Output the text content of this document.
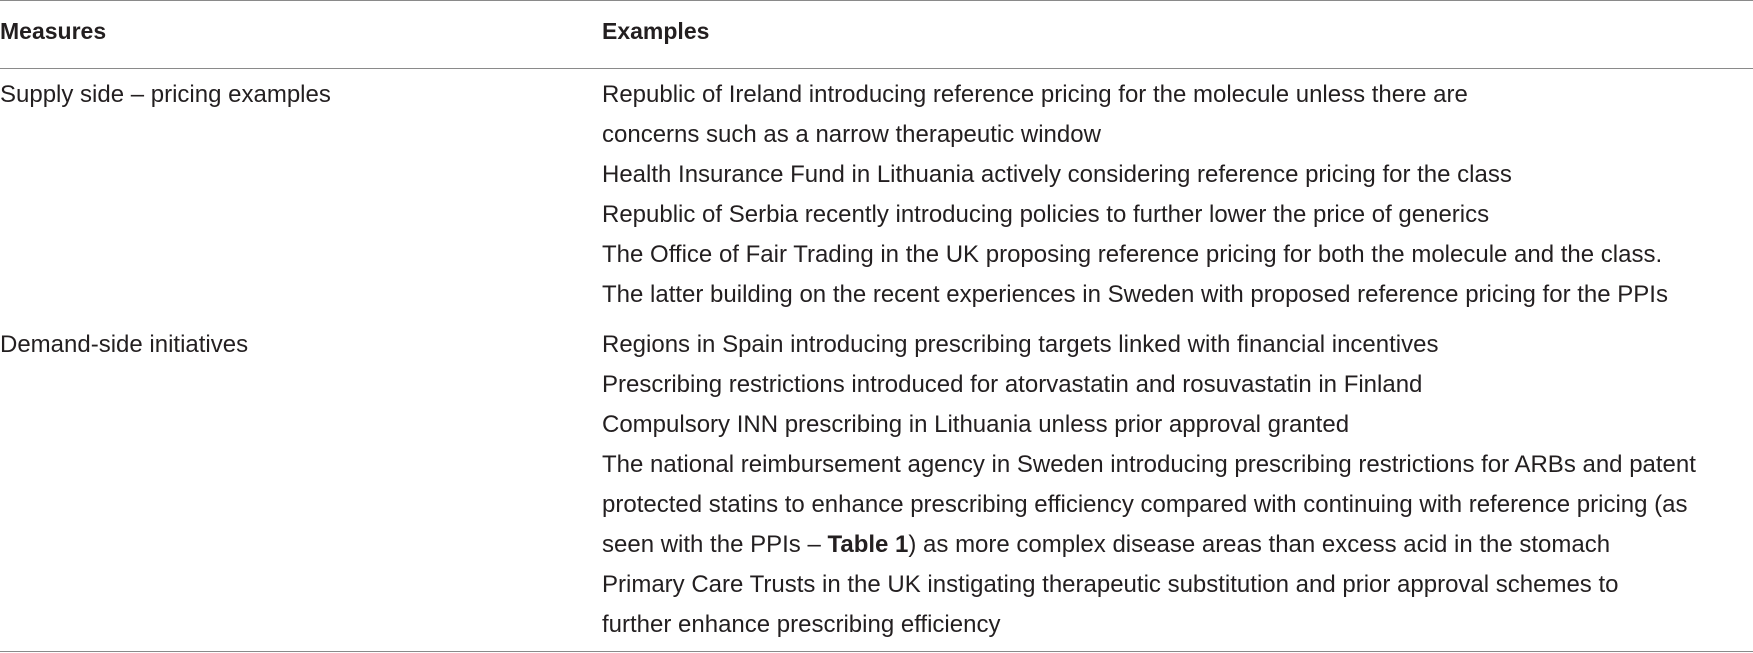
Measures	Examples
Supply side – pricing examples	Republic of Ireland introducing reference pricing for the molecule unless there are
concerns such as a narrow therapeutic window
Health Insurance Fund in Lithuania actively considering reference pricing for the class
Republic of Serbia recently introducing policies to further lower the price of generics
The Office of Fair Trading in the UK proposing reference pricing for both the molecule and the class.
The latter building on the recent experiences in Sweden with proposed reference pricing for the PPIs
Demand-side initiatives	Regions in Spain introducing prescribing targets linked with financial incentives
Prescribing restrictions introduced for atorvastatin and rosuvastatin in Finland
Compulsory INN prescribing in Lithuania unless prior approval granted
The national reimbursement agency in Sweden introducing prescribing restrictions for ARBs and patent
protected statins to enhance prescribing efficiency compared with continuing with reference pricing (as
seen with the PPIs – Table 1) as more complex disease areas than excess acid in the stomach
Primary Care Trusts in the UK instigating therapeutic substitution and prior approval schemes to
further enhance prescribing efficiency
